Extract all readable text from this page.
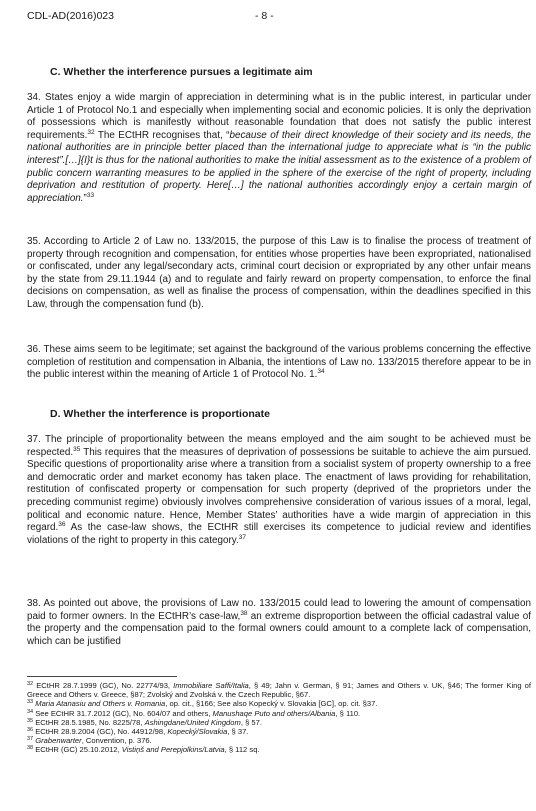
CDL-AD(2016)023	- 8 -
C. Whether the interference pursues a legitimate aim

34. States enjoy a wide margin of appreciation in determining what is in the public interest, in particular under Article 1 of Protocol No.1 and especially when implementing social and economic policies. It is only the deprivation of possessions which is manifestly without reasonable foundation that does not satisfy the public interest requirements.$^{32}$ The ECtHR recognises that, “because of their direct knowledge of their society and its needs, the national authorities are in principle better placed than the international judge to appreciate what is “in the public interest”.[…]{I}t is thus for the national authorities to make the initial assessment as to the existence of a problem of public concern warranting measures to be applied in the sphere of the exercise of the right of property, including deprivation and restitution of property. Here[…] the national authorities accordingly enjoy a certain margin of appreciation.”$^{33}$

35. According to Article 2 of Law no. 133/2015, the purpose of this Law is to finalise the process of treatment of property through recognition and compensation, for entities whose properties have been expropriated, nationalised or confiscated, under any legal/secondary acts, criminal court decision or expropriated by any other unfair means by the state from 29.11.1944 (a) and to regulate and fairly reward on property compensation, to enforce the final decisions on compensation, as well as finalise the process of compensation, within the deadlines specified in this Law, through the compensation fund (b).

36. These aims seem to be legitimate; set against the background of the various problems concerning the effective completion of restitution and compensation in Albania, the intentions of Law no. 133/2015 therefore appear to be in the public interest within the meaning of Article 1 of Protocol No. 1.34

D. Whether the interference is proportionate

37. The principle of proportionality between the means employed and the aim sought to be achieved must be respected.$^{35}$ This requires that the measures of deprivation of possessions be suitable to achieve the aim pursued. Specific questions of proportionality arise where a transition from a socialist system of property ownership to a free and democratic order and market economy has taken place. The enactment of laws providing for rehabilitation, restitution of confiscated property or compensation for such property (deprived of the proprietors under the preceding communist regime) obviously involves comprehensive consideration of various issues of a moral, legal, political and economic nature. Hence, Member States’ authorities have a wide margin of appreciation in this regard.$^{36}$ As the case-law shows, the ECtHR still exercises its competence to judicial review and identifies violations of the right to property in this category.$^{37}$

38. As pointed out above, the provisions of Law no. 133/2015 could lead to lowering the amount of compensation paid to former owners. In the ECtHR’s case-law,$^{38}$ an extreme disproportion between the official cadastral value of the property and the compensation paid to the formal owners could amount to a complete lack of compensation, which can be justified

$^{32}$ ECtHR 28.7.1999 (GC), No. 22774/93, Immobiliare Saffi/Italia, § 49; Jahn v. German, § 91; James and Others v. UK, §46; The former King of Greece and Others v. Greece, §87; Zvolský and Zvolská v. the Czech Republic, §67.

$^{33}$ Maria Atanasiu and Others v. Romania, op. cit., §166; See also Kopecký v. Slovakia [GC], op. cit. §37.

$^{34}$ See ECtHR 31.7.2012 (GC), No. 604/07 and others, Manushaqe Puto and others/Albania, § 110.

$^{35}$ ECtHR 28.5.1985, No. 8225/78, Ashingdane/United Kingdom, § 57.

$^{36}$ ECtHR 28.9.2004 (GC), No. 44912/98, Kopecký/Slovakia, § 37.

$^{37}$ Grabenwarter, Convention, p. 376.

$^{38}$ ECtHR (GC) 25.10.2012, Vistiņš and Perepjolkins/Latvia, § 112 sq.
